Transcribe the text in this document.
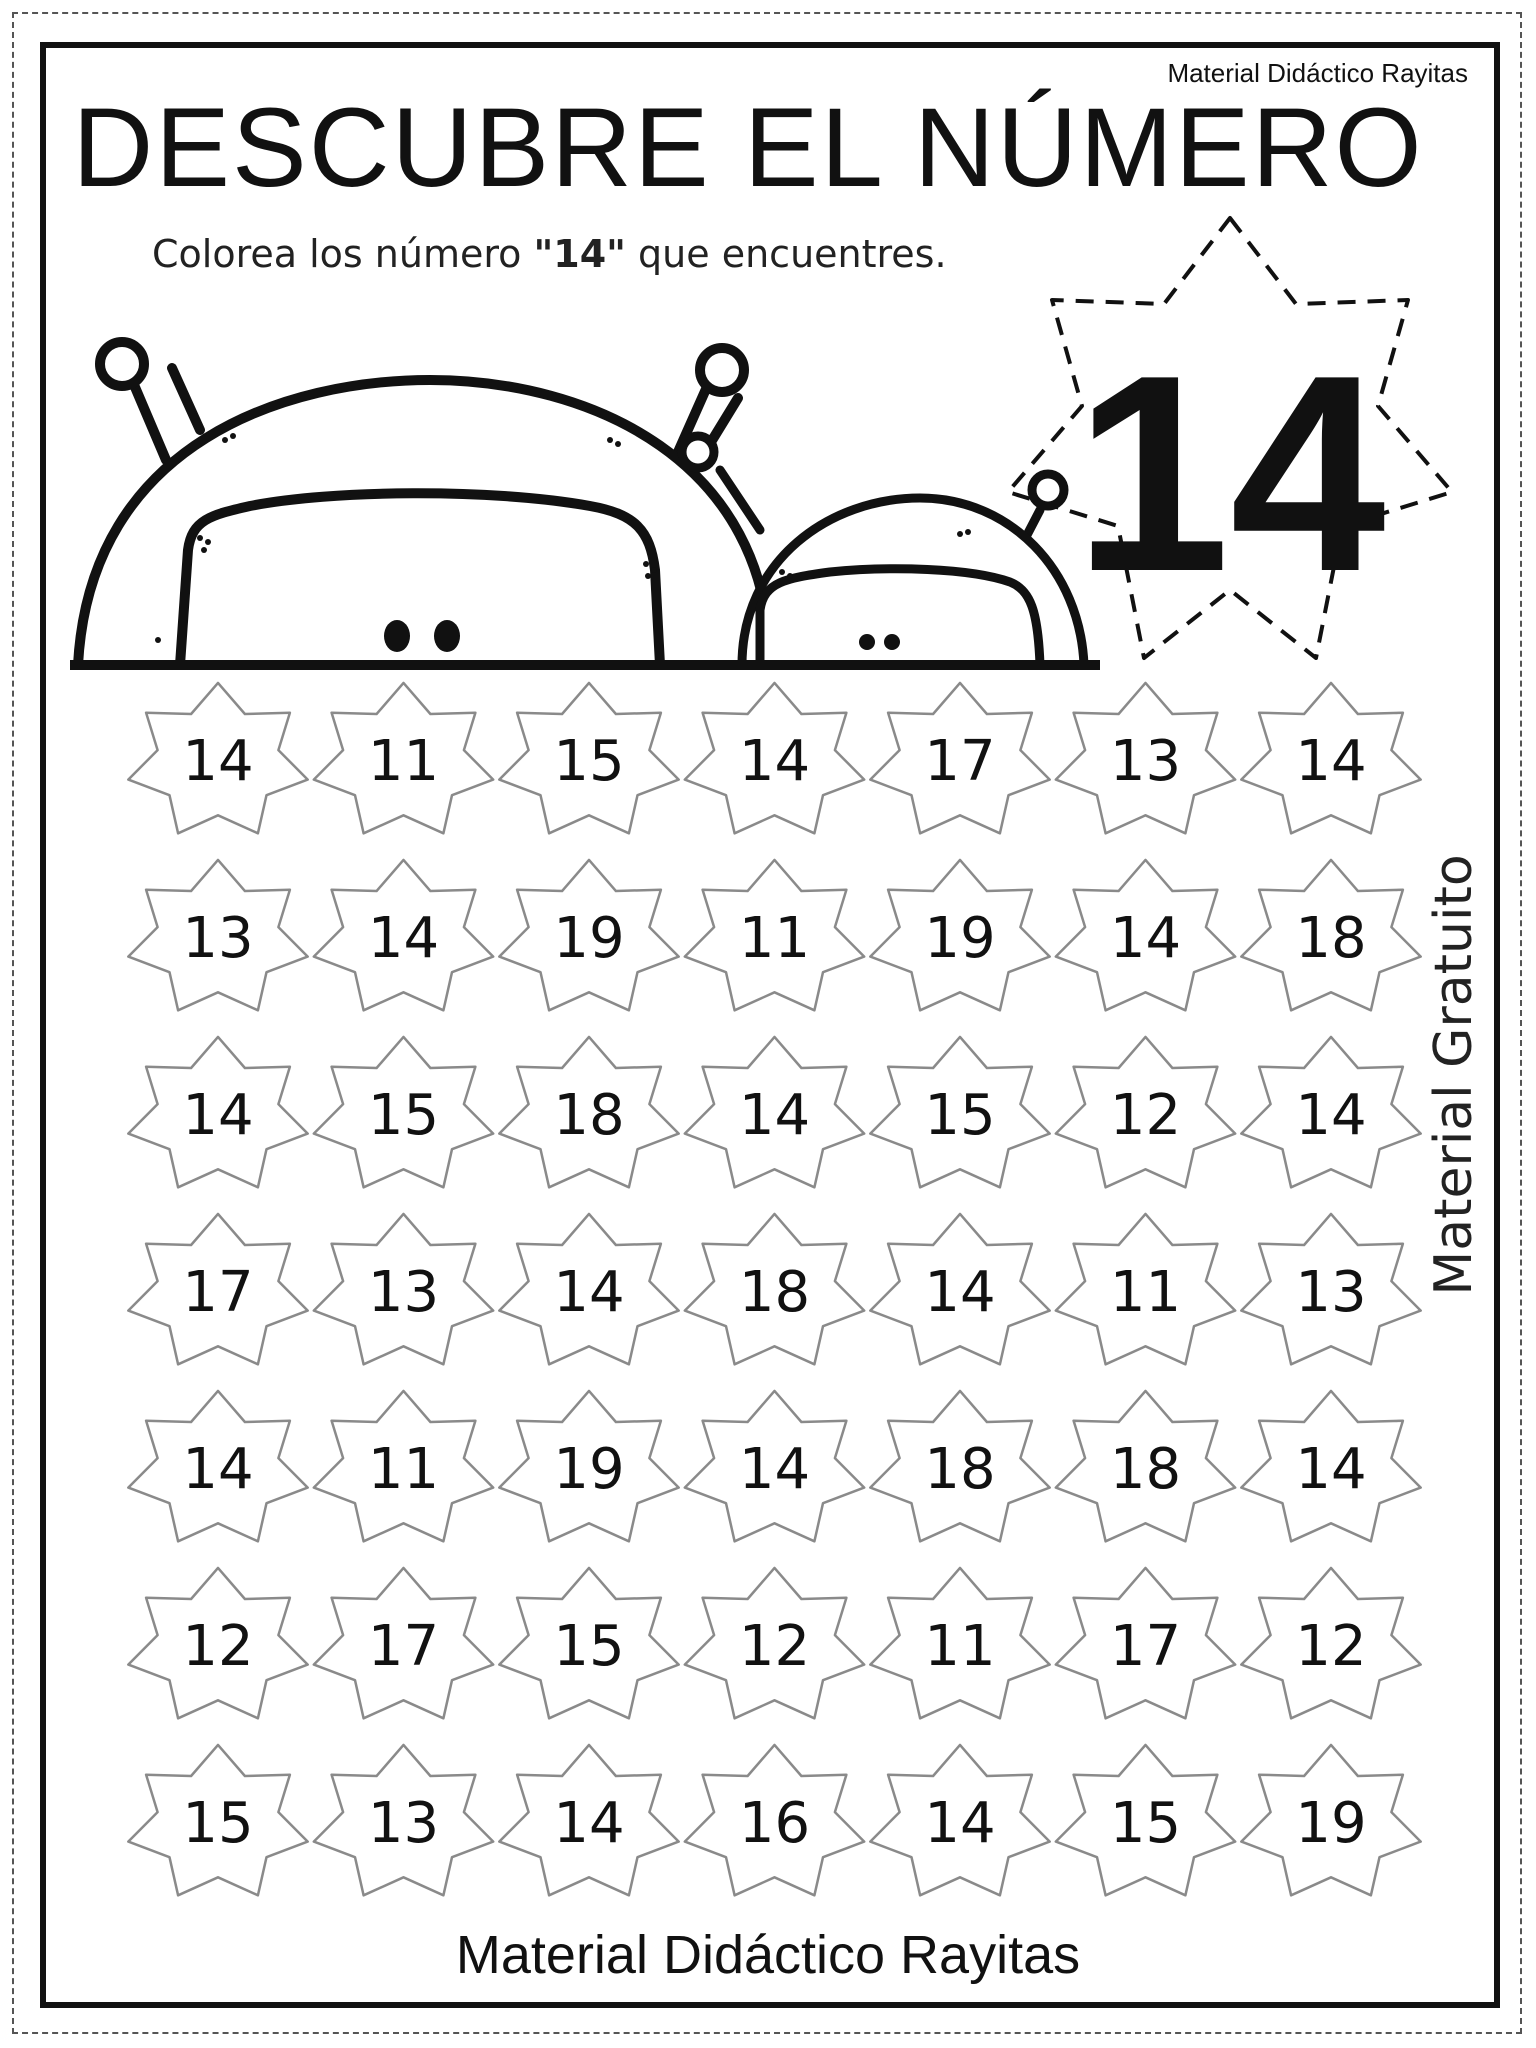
Material Didáctico Rayitas
DESCUBRE EL NÚMERO
Colorea los número "14" que encuentres.
14
14 11 15 14 17 13 14
13 14 19 11 19 14 18
14 15 18 14 15 12 14
17 13 14 18 14 11 13
14 11 19 14 18 18 14
12 17 15 12 11 17 12
15 13 14 16 14 15 19
Material Gratuito
Material Didáctico Rayitas
